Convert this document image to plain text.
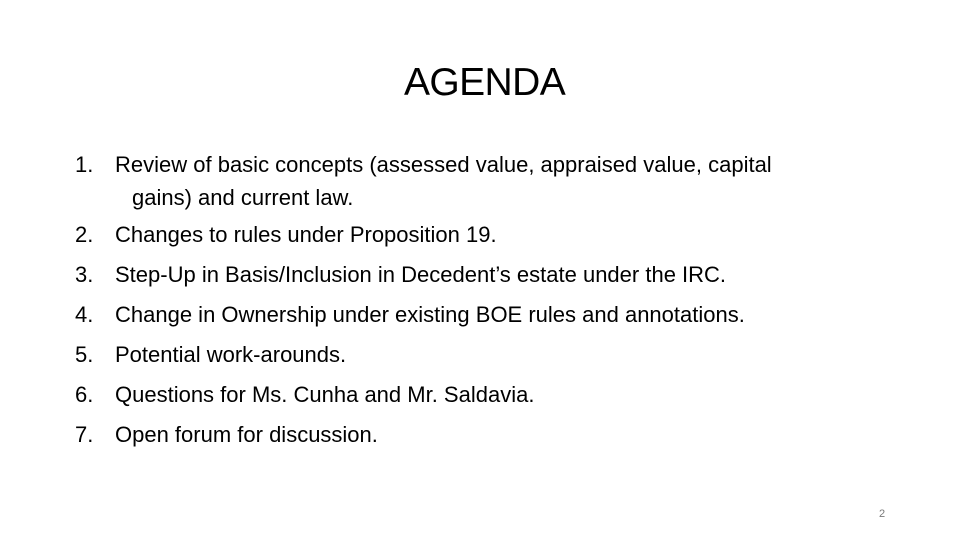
AGENDA
1. Review of basic concepts (assessed value, appraised value, capital
gains) and current law.
2. Changes to rules under Proposition 19.
3. Step-Up in Basis/Inclusion in Decedent’s estate under the IRC.
4. Change in Ownership under existing BOE rules and annotations.
5. Potential work-arounds.
6. Questions for Ms. Cunha and Mr. Saldavia.
7. Open forum for discussion.
2
